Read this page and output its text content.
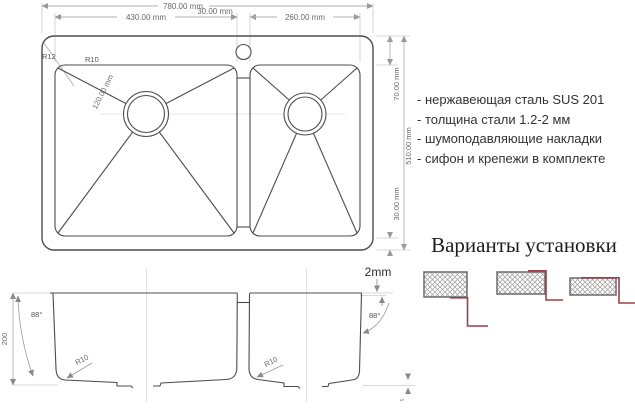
780.00 mm
430.00 mm
30.00 mm
260.00 mm
R12	R10
120.00 mm	70.00 mm
510.00 mm
30.00 mm
- нержавеющая сталь SUS 201
- толщина стали 1.2-2 мм
- шумоподавляющие накладки
- сифон и крепежи в комплекте
2mm
88°	88°
200
R10	R10
5
Варианты установки
